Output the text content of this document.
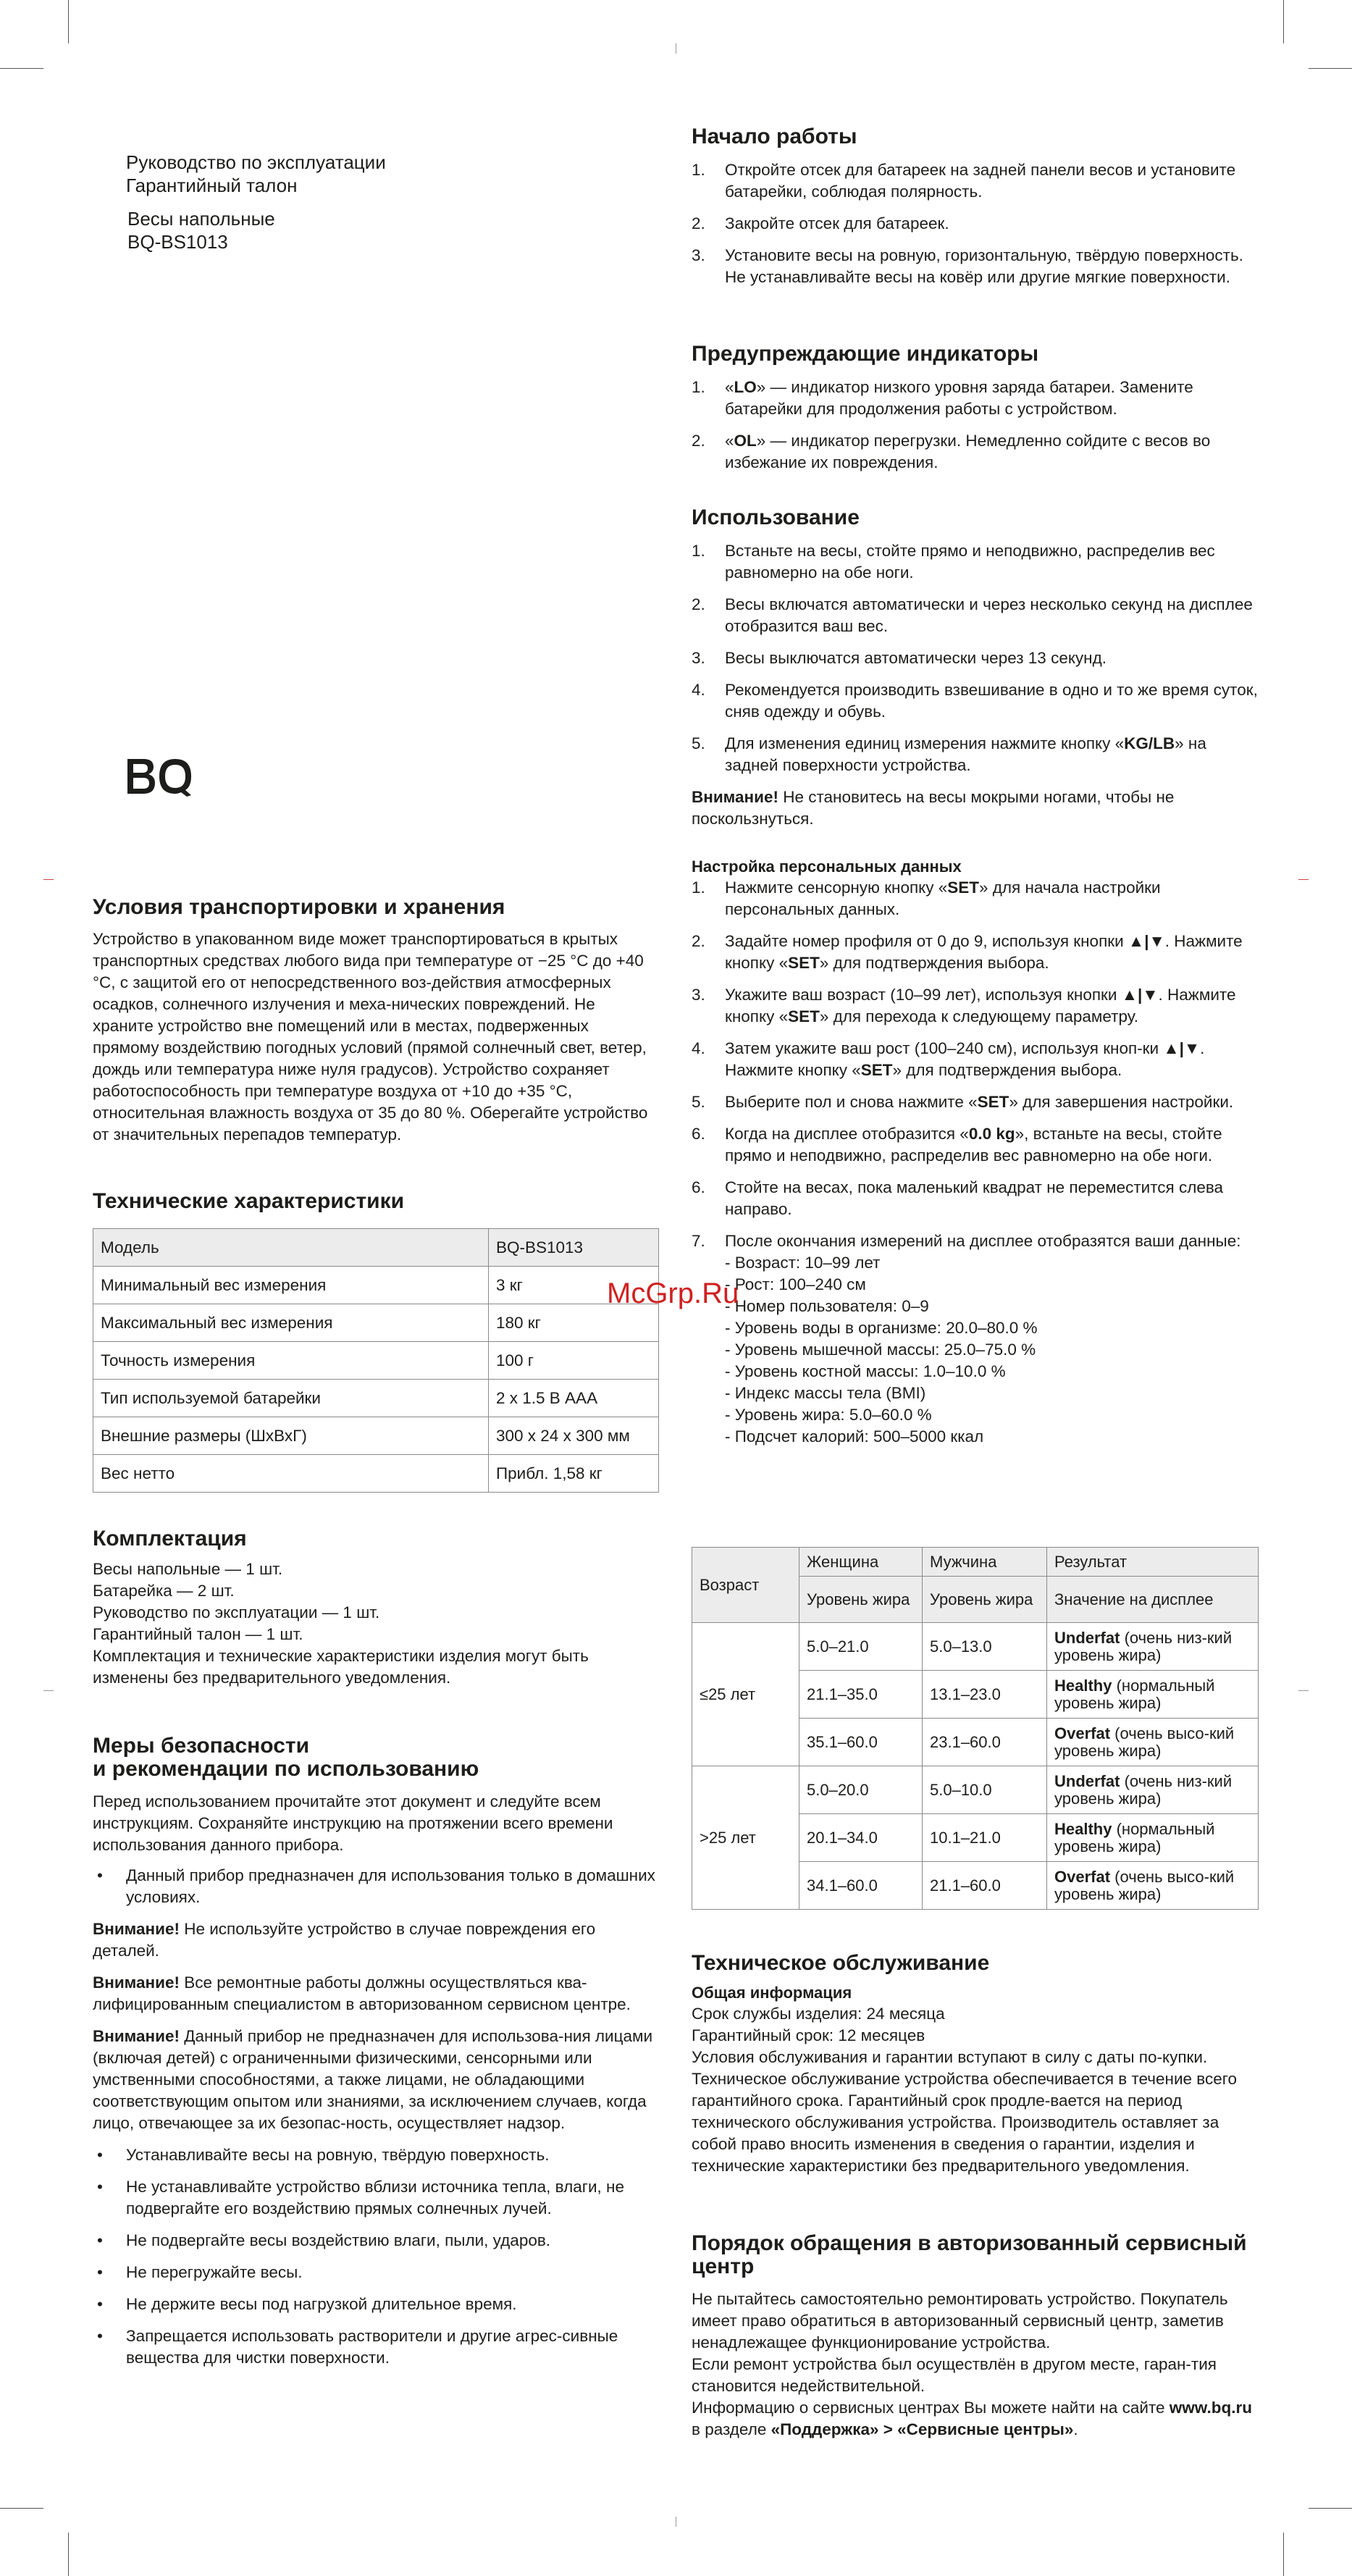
Руководство по эксплуатации
Гарантийный талон
Весы напольные
BQ-BS1013
Условия транспортировки и хранения

Устройство в упакованном виде может транспортироваться в крытых транспортных средствах любого вида при температуре от −25 °C до +40 °C, с защитой его от непосредственного воз-действия атмосферных осадков, солнечного излучения и меха-нических повреждений. Не храните устройство вне помещений или в местах, подверженных прямому воздействию погодных условий (прямой солнечный свет, ветер, дождь или температура ниже нуля градусов). Устройство сохраняет работоспособность при температуре воздуха от +10 до +35 °C, относительная влажность воздуха от 35 до 80 %. Оберегайте устройство от значительных перепадов температур.

Технические характеристики
Модель	BQ-BS1013
Минимальный вес измерения	3 кг
Максимальный вес измерения	180 кг
Точность измерения	100 г
Тип используемой батарейки	2 x 1.5 В AAA
Внешние размеры (ШхВхГ)	300 x 24 x 300 мм
Вес нетто	Прибл. 1,58 кг
Комплектация

Весы напольные — 1 шт.
Батарейка — 2 шт.
Руководство по эксплуатации — 1 шт.
Гарантийный талон — 1 шт.
Комплектация и технические характеристики изделия могут быть изменены без предварительного уведомления.

Меры безопасности
и рекомендации по использованию

Перед использованием прочитайте этот документ и следуйте всем инструкциям. Сохраняйте инструкцию на протяжении всего времени использования данного прибора.

• Данный прибор предназначен для использования только в домашних условиях.

Внимание! Не используйте устройство в случае повреждения его деталей.

Внимание! Все ремонтные работы должны осуществляться ква-лифицированным специалистом в авторизованном сервисном центре.

Внимание! Данный прибор не предназначен для использова-ния лицами (включая детей) с ограниченными физическими, сенсорными или умственными способностями, а также лицами, не обладающими соответствующим опытом или знаниями, за исключением случаев, когда лицо, отвечающее за их безопас-ность, осуществляет надзор.

• Устанавливайте весы на ровную, твёрдую поверхность.
• Не устанавливайте устройство вблизи источника тепла, влаги, не подвергайте его воздействию прямых солнечных лучей.
• Не подвергайте весы воздействию влаги, пыли, ударов.
• Не перегружайте весы.
• Не держите весы под нагрузкой длительное время.
• Запрещается использовать растворители и другие агрес-сивные вещества для чистки поверхности.
Начало работы
1. Откройте отсек для батареек на задней панели весов и установите батарейки, соблюдая полярность.
2. Закройте отсек для батареек.
3. Установите весы на ровную, горизонтальную, твёрдую поверхность. Не устанавливайте весы на ковёр или другие мягкие поверхности.
Предупреждающие индикаторы
1. «LO» — индикатор низкого уровня заряда батареи. Замените батарейки для продолжения работы с устройством.
2. «OL» — индикатор перегрузки. Немедленно сойдите с весов во избежание их повреждения.
Использование
1. Встаньте на весы, стойте прямо и неподвижно, распределив вес равномерно на обе ноги.
2. Весы включатся автоматически и через несколько секунд на дисплее отобразится ваш вес.
3. Весы выключатся автоматически через 13 секунд.
4. Рекомендуется производить взвешивание в одно и то же время суток, сняв одежду и обувь.
5. Для изменения единиц измерения нажмите кнопку «KG/LB» на задней поверхности устройства.

Внимание! Не становитесь на весы мокрыми ногами, чтобы не поскользнуться.

Настройка персональных данных
1. Нажмите сенсорную кнопку «SET» для начала настройки персональных данных.
2. Задайте номер профиля от 0 до 9, используя кнопки ▲|▼. Нажмите кнопку «SET» для подтверждения выбора.
3. Укажите ваш возраст (10–99 лет), используя кнопки ▲|▼. Нажмите кнопку «SET» для перехода к следующему параметру.
4. Затем укажите ваш рост (100–240 см), используя кноп-ки ▲|▼. Нажмите кнопку «SET» для подтверждения выбора.
5. Выберите пол и снова нажмите «SET» для завершения настройки.
6. Когда на дисплее отобразится «0.0 kg», встаньте на весы, стойте прямо и неподвижно, распределив вес равномерно на обе ноги.
6. Стойте на весах, пока маленький квадрат не переместится слева направо.
7. После окончания измерений на дисплее отобразятся ваши данные:
- Возраст: 10–99 лет
- Рост: 100–240 см
- Номер пользователя: 0–9
- Уровень воды в организме: 20.0–80.0 %
- Уровень мышечной массы: 25.0–75.0 %
- Уровень костной массы: 1.0–10.0 %
- Индекс массы тела (BMI)
- Уровень жира: 5.0–60.0 %
- Подсчет калорий: 500–5000 ккал
McGrp.Ru
Возраст	Женщина	Мужчина	Результат
	Уровень жира	Уровень жира	Значение на дисплее
≤25 лет	5.0–21.0	5.0–13.0	Underfat (очень низ-кий уровень жира)
	21.1–35.0	13.1–23.0	Healthy (нормальный уровень жира)
	35.1–60.0	23.1–60.0	Overfat (очень высо-кий уровень жира)
>25 лет	5.0–20.0	5.0–10.0	Underfat (очень низ-кий уровень жира)
	20.1–34.0	10.1–21.0	Healthy (нормальный уровень жира)
	34.1–60.0	21.1–60.0	Overfat (очень высо-кий уровень жира)
Техническое обслуживание
Общая информация

Срок службы изделия: 24 месяца
Гарантийный срок: 12 месяцев
Условия обслуживания и гарантии вступают в силу с даты по-купки. Техническое обслуживание устройства обеспечивается в течение всего гарантийного срока. Гарантийный срок продле-вается на период технического обслуживания устройства. Производитель оставляет за собой право вносить изменения в сведения о гарантии, изделия и технические характеристики без предварительного уведомления.

Порядок обращения в авторизованный сервисный центр

Не пытайтесь самостоятельно ремонтировать устройство. Покупатель имеет право обратиться в авторизованный сервисный центр, заметив ненадлежащее функционирование устройства.
Если ремонт устройства был осуществлён в другом месте, гаран-тия становится недействительной.
Информацию о сервисных центрах Вы можете найти на сайте www.bq.ru в разделе «Поддержка» > «Сервисные центры».
